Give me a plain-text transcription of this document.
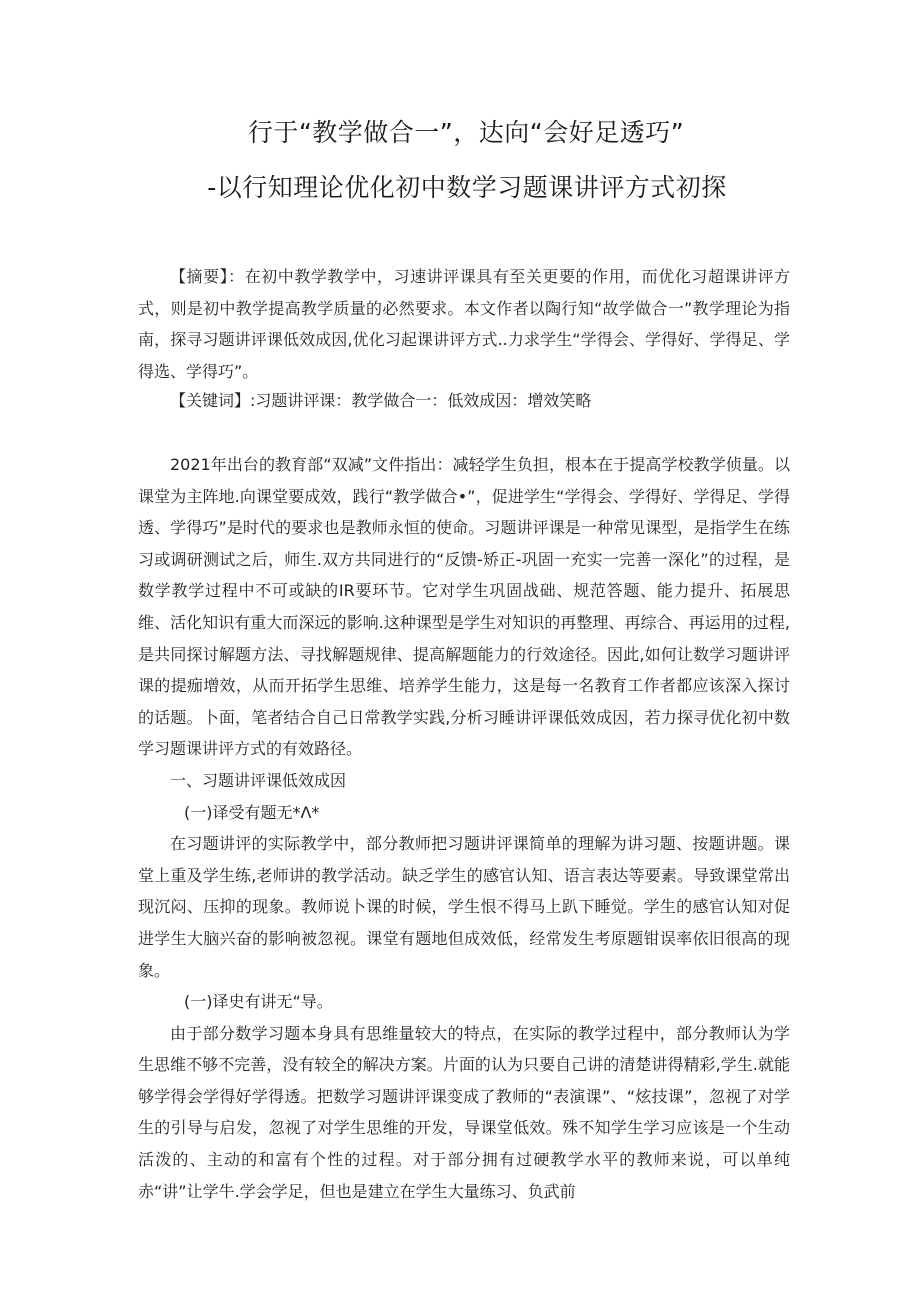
行于“教学做合一”，达向“会好足透巧”
-以行知理论优化初中数学习题课讲评方式初探

【摘要】：在初中教学教学中，习速讲评课具有至关更要的作用，而优化习超课讲评方式，则是初中教学提高教学质量的必然要求。本文作者以陶行知“故学做合一”教学理论为指南，探寻习题讲评课低效成因,优化习起课讲评方式..力求学生“学得会、学得好、学得足、学得选、学得巧”。

【关键词】:习题讲评课：教学做合一：低效成因：增效笑略

2021年出台的教育部“双减”文件指出：减轻学生负担，根本在于提高学校教学侦量。以课堂为主阵地.向课堂要成效，践行“教学做合•”，促进学生“学得会、学得好、学得足、学得透、学得巧”是时代的要求也是教师永恒的使命。习题讲评课是一种常见课型，是指学生在练习或调研测试之后，师生.双方共同进行的“反馈-矫正-巩固一充实一完善一深化”的过程，是数学教学过程中不可或缺的IR要环节。它对学生巩固战础、规范答题、能力提升、拓展思维、活化知识有重大而深远的影响.这种课型是学生对知识的再整理、再综合、再运用的过程,是共同探讨解题方法、寻找解题规律、提高解题能力的行效途径。因此,如何让数学习题讲评课的提痂增效，从而开拓学生思维、培养学生能力，这是每一名教育工作者都应该深入探讨的话题。卜面，笔者结合自己日常教学实践,分析习睡讲评课低效成因，若力探寻优化初中数学习题课讲评方式的有效路径。

一、习题讲评课低效成因

(一)译受有题无*Λ*

在习题讲评的实际教学中，部分教师把习题讲评课简单的理解为讲习题、按题讲题。课堂上重及学生练,老师讲的教学活动。缺乏学生的感官认知、语言表达等要素。导致课堂常出现沉闷、压抑的现象。教师说卜课的时候，学生恨不得马上趴下睡觉。学生的感官认知对促进学生大脑兴奋的影响被忽视。课堂有题地但成效低，经常发生考原题钳误率依旧很高的现象。

(一)译史有讲无“导。

由于部分数学习题本身具有思维量较大的特点，在实际的教学过程中，部分教师认为学生思维不够不完善，没有较全的解决方案。片面的认为只要自己讲的清楚讲得精彩,学生.就能够学得会学得好学得透。把数学习题讲评课变成了教师的“表演课”、“炫技课”，忽视了对学生的引导与启发，忽视了对学生思维的开发，导课堂低效。殊不知学生学习应该是一个生动活泼的、主动的和富有个性的过程。对于部分拥有过硬教学水平的教师来说，可以单纯赤“讲”让学牛.学会学足，但也是建立在学生大量练习、负武前
